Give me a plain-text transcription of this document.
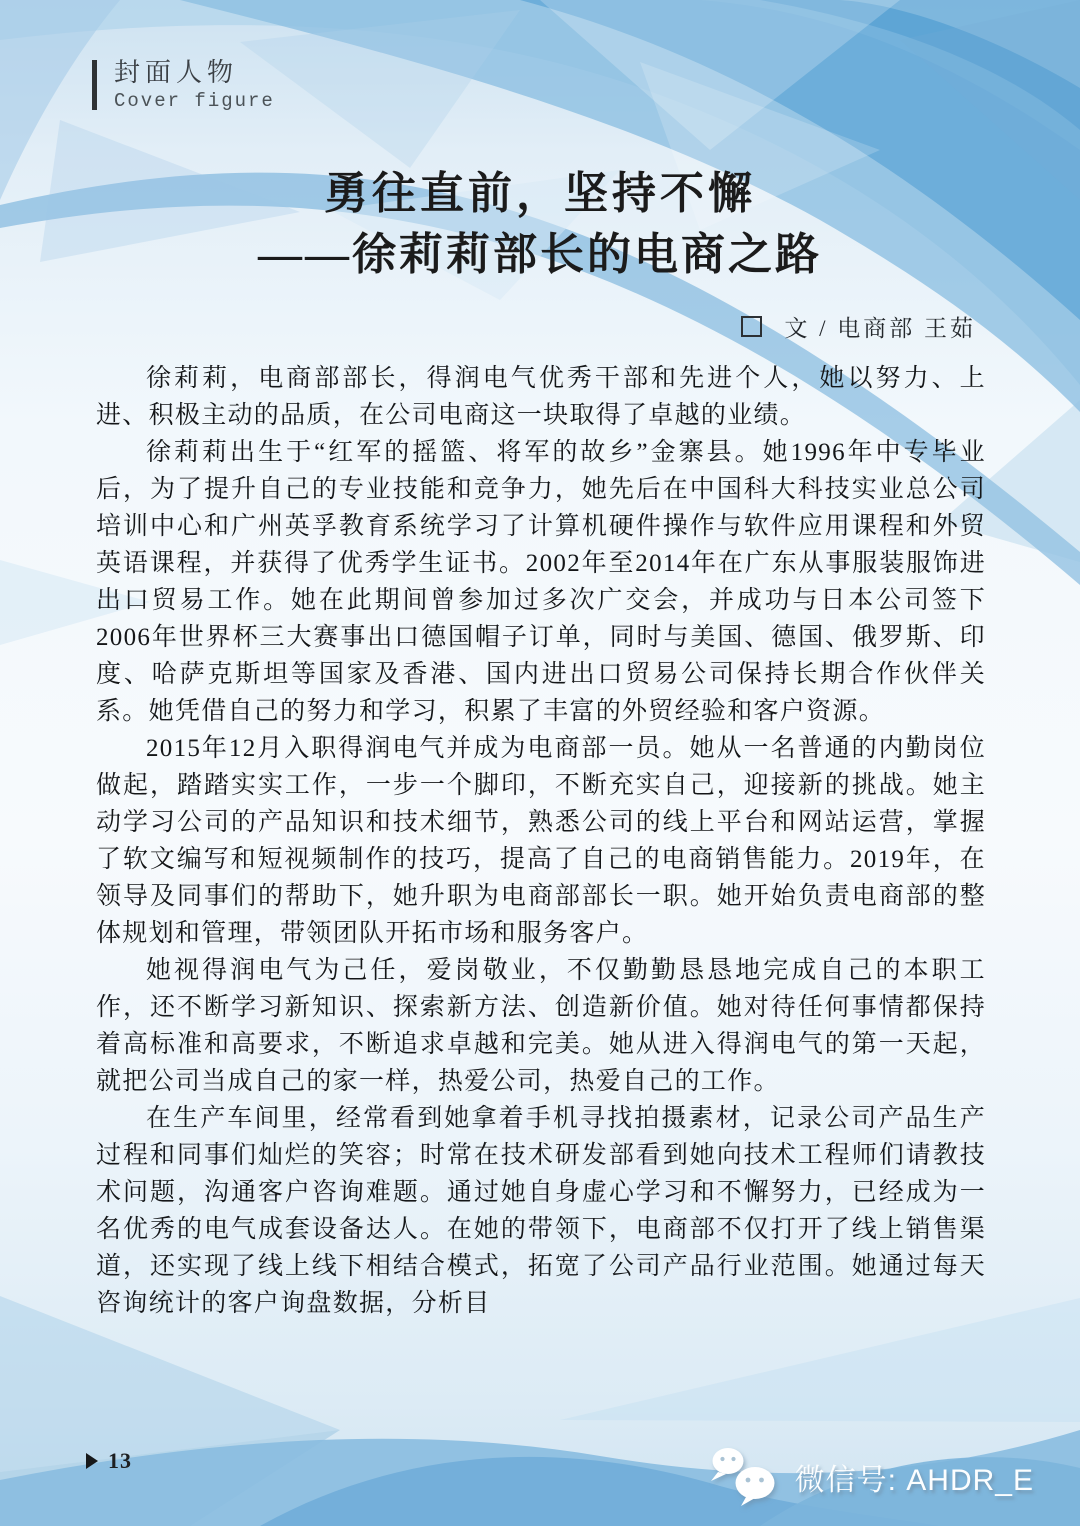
封面人物
Cover figure
勇往直前，坚持不懈
——徐莉莉部长的电商之路
文 / 电商部 王茹

徐莉莉，电商部部长，得润电气优秀干部和先进个人，她以努力、上进、积极主动的品质，在公司电商这一块取得了卓越的业绩。

徐莉莉出生于“红军的摇篮、将军的故乡”金寨县。她1996年中专毕业后，为了提升自己的专业技能和竞争力，她先后在中国科大科技实业总公司培训中心和广州英孚教育系统学习了计算机硬件操作与软件应用课程和外贸英语课程，并获得了优秀学生证书。2002年至2014年在广东从事服装服饰进出口贸易工作。她在此期间曾参加过多次广交会，并成功与日本公司签下2006年世界杯三大赛事出口德国帽子订单，同时与美国、德国、俄罗斯、印度、哈萨克斯坦等国家及香港、国内进出口贸易公司保持长期合作伙伴关系。她凭借自己的努力和学习，积累了丰富的外贸经验和客户资源。

2015年12月入职得润电气并成为电商部一员。她从一名普通的内勤岗位做起，踏踏实实工作，一步一个脚印，不断充实自己，迎接新的挑战。她主动学习公司的产品知识和技术细节，熟悉公司的线上平台和网站运营，掌握了软文编写和短视频制作的技巧，提高了自己的电商销售能力。2019年，在领导及同事们的帮助下，她升职为电商部部长一职。她开始负责电商部的整体规划和管理，带领团队开拓市场和服务客户。

她视得润电气为己任，爱岗敬业，不仅勤勤恳恳地完成自己的本职工作，还不断学习新知识、探索新方法、创造新价值。她对待任何事情都保持着高标准和高要求，不断追求卓越和完美。她从进入得润电气的第一天起，就把公司当成自己的家一样，热爱公司，热爱自己的工作。

在生产车间里，经常看到她拿着手机寻找拍摄素材，记录公司产品生产过程和同事们灿烂的笑容；时常在技术研发部看到她向技术工程师们请教技术问题，沟通客户咨询难题。通过她自身虚心学习和不懈努力，已经成为一名优秀的电气成套设备达人。在她的带领下，电商部不仅打开了线上销售渠道，还实现了线上线下相结合模式，拓宽了公司产品行业范围。她通过每天咨询统计的客户询盘数据，分析目

13
微信号: AHDR_E
